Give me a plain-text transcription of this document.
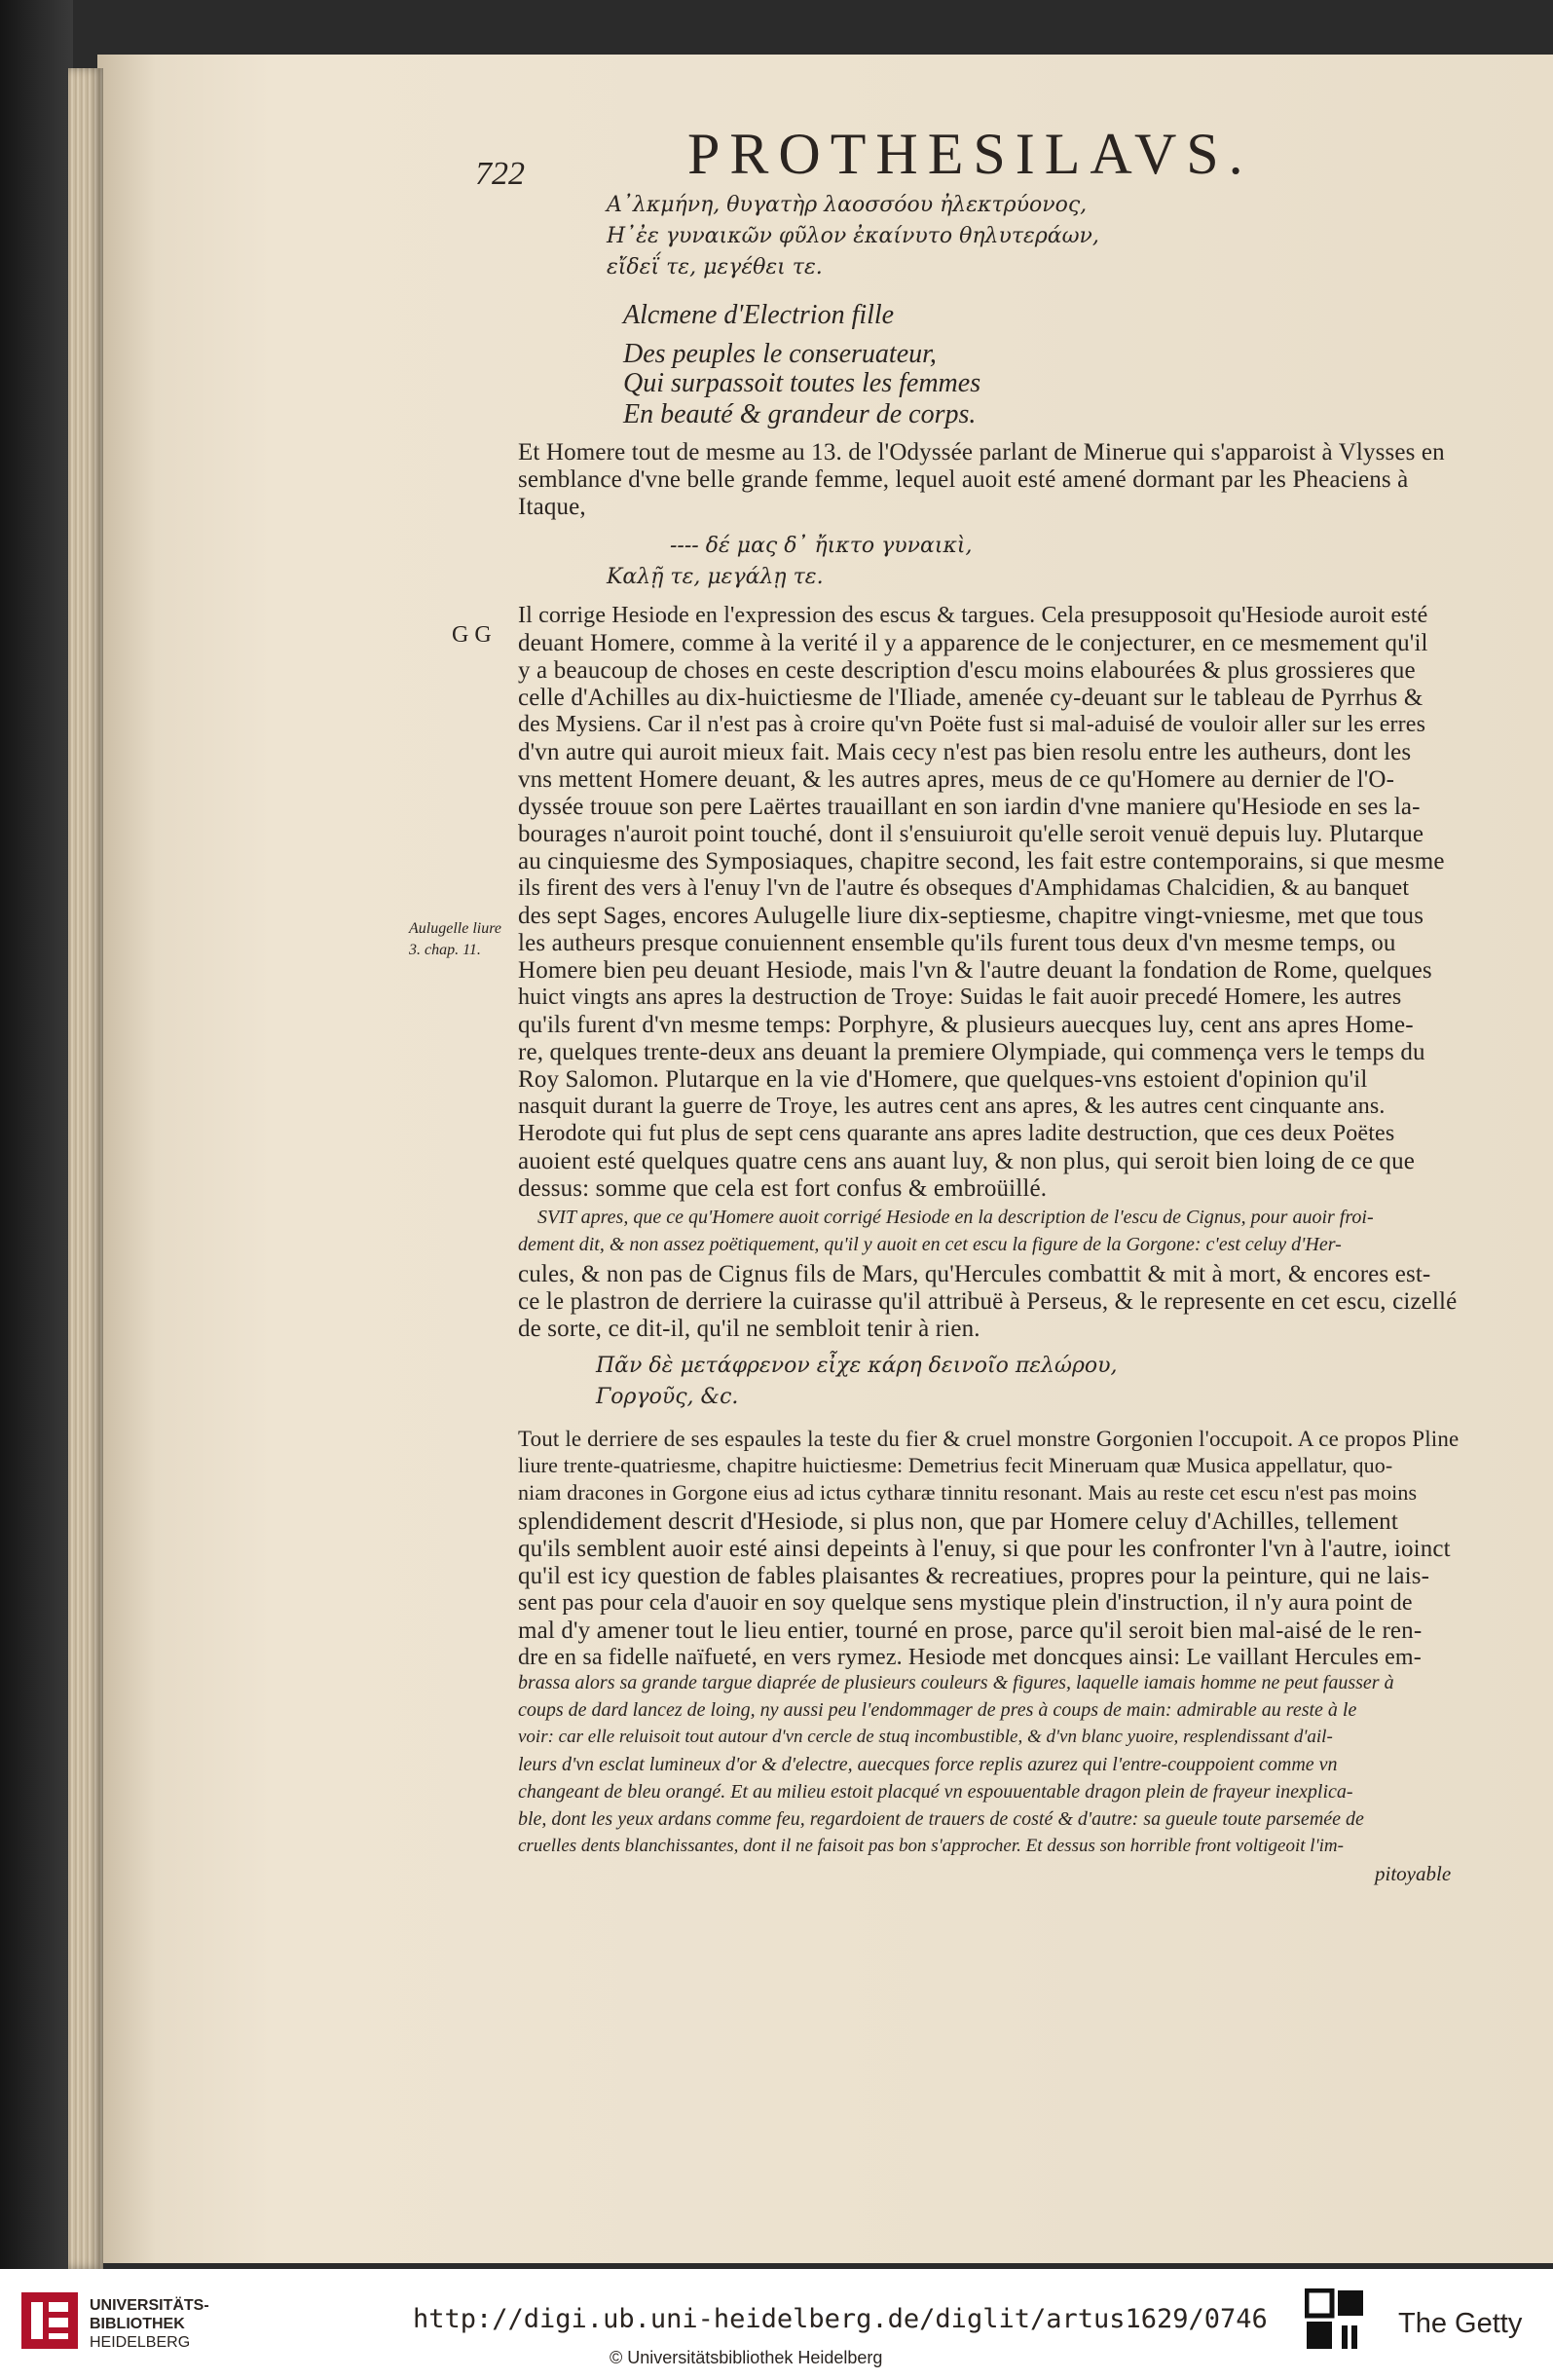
722	PROTHESILAVS.
Α᾿λκμήνη, θυγατὴρ λαοσσόου ἠλεκτρύονος,
Η᾿ἐε γυναικῶν φῦλον ἐκαίνυτο θηλυτεράων,
εἴδεΐ τε, μεγέθει τε.
Alcmene d'Electrion fille
Des peuples le conseruateur,
Qui surpassoit toutes les femmes
En beauté & grandeur de corps.
Et Homere tout de mesme au 13. de l'Odyssée parlant de Minerue qui s'apparoist à Vlysses en
semblance d'vne belle grande femme, lequel auoit esté amené dormant par les Pheaciens à
Itaque,
---- δέ μας δ᾿ ἤικτο γυναικὶ,
Καλῇ τε, μεγάλῃ τε.
G G
Aulugelle liure
3. chap. 11.
Il corrige Hesiode en l'expression des escus & targues. Cela presupposoit qu'Hesiode auroit esté
deuant Homere, comme à la verité il y a apparence de le conjecturer, en ce mesmement qu'il
y a beaucoup de choses en ceste description d'escu moins elabourées & plus grossieres que
celle d'Achilles au dix-huictiesme de l'Iliade, amenée cy-deuant sur le tableau de Pyrrhus &
des Mysiens. Car il n'est pas à croire qu'vn Poëte fust si mal-aduisé de vouloir aller sur les erres
d'vn autre qui auroit mieux fait. Mais cecy n'est pas bien resolu entre les autheurs, dont les
vns mettent Homere deuant, & les autres apres, meus de ce qu'Homere au dernier de l'O-
dyssée trouue son pere Laërtes trauaillant en son iardin d'vne maniere qu'Hesiode en ses la-
bourages n'auroit point touché, dont il s'ensuiuroit qu'elle seroit venuë depuis luy. Plutarque
au cinquiesme des Symposiaques, chapitre second, les fait estre contemporains, si que mesme
ils firent des vers à l'enuy l'vn de l'autre és obseques d'Amphidamas Chalcidien, & au banquet
des sept Sages, encores Aulugelle liure dix-septiesme, chapitre vingt-vniesme, met que tous
les autheurs presque conuiennent ensemble qu'ils furent tous deux d'vn mesme temps, ou
Homere bien peu deuant Hesiode, mais l'vn & l'autre deuant la fondation de Rome, quelques
huict vingts ans apres la destruction de Troye: Suidas le fait auoir precedé Homere, les autres
qu'ils furent d'vn mesme temps: Porphyre, & plusieurs auecques luy, cent ans apres Home-
re, quelques trente-deux ans deuant la premiere Olympiade, qui commença vers le temps du
Roy Salomon. Plutarque en la vie d'Homere, que quelques-vns estoient d'opinion qu'il
nasquit durant la guerre de Troye, les autres cent ans apres, & les autres cent cinquante ans.
Herodote qui fut plus de sept cens quarante ans apres ladite destruction, que ces deux Poëtes
auoient esté quelques quatre cens ans auant luy, & non plus, qui seroit bien loing de ce que
dessus: somme que cela est fort confus & embroüillé.
SVIT apres, que ce qu'Homere auoit corrigé Hesiode en la description de l'escu de Cignus, pour auoir froi-
dement dit, & non assez poëtiquement, qu'il y auoit en cet escu la figure de la Gorgone: c'est celuy d'Her-
cules, & non pas de Cignus fils de Mars, qu'Hercules combattit & mit à mort, & encores est-
ce le plastron de derriere la cuirasse qu'il attribuë à Perseus, & le represente en cet escu, cizellé
de sorte, ce dit-il, qu'il ne sembloit tenir à rien.
Πᾶν δὲ μετάφρενον εἶχε κάρη δεινοῖο πελώρου,
Γοργοῦς, &c.
Tout le derriere de ses espaules la teste du fier & cruel monstre Gorgonien l'occupoit. A ce propos Pline
liure trente-quatriesme, chapitre huictiesme: Demetrius fecit Mineruam quæ Musica appellatur, quo-
niam dracones in Gorgone eius ad ictus cytharæ tinnitu resonant. Mais au reste cet escu n'est pas moins
splendidement descrit d'Hesiode, si plus non, que par Homere celuy d'Achilles, tellement
qu'ils semblent auoir esté ainsi depeints à l'enuy, si que pour les confronter l'vn à l'autre, ioinct
qu'il est icy question de fables plaisantes & recreatiues, propres pour la peinture, qui ne lais-
sent pas pour cela d'auoir en soy quelque sens mystique plein d'instruction, il n'y aura point de
mal d'y amener tout le lieu entier, tourné en prose, parce qu'il seroit bien mal-aisé de le ren-
dre en sa fidelle naïfueté, en vers rymez. Hesiode met doncques ainsi: Le vaillant Hercules em-
brassa alors sa grande targue diaprée de plusieurs couleurs & figures, laquelle iamais homme ne peut fausser à
coups de dard lancez de loing, ny aussi peu l'endommager de pres à coups de main: admirable au reste à le
voir: car elle reluisoit tout autour d'vn cercle de stuq incombustible, & d'vn blanc yuoire, resplendissant d'ail-
leurs d'vn esclat lumineux d'or & d'electre, auecques force replis azurez qui l'entre-couppoient comme vn
changeant de bleu orangé. Et au milieu estoit placqué vn espouuentable dragon plein de frayeur inexplica-
ble, dont les yeux ardans comme feu, regardoient de trauers de costé & d'autre: sa gueule toute parsemée de
cruelles dents blanchissantes, dont il ne faisoit pas bon s'approcher. Et dessus son horrible front voltigeoit l'im-
pitoyable
UNIVERSITÄTS-
BIBLIOTHEK
HEIDELBERG
http://digi.ub.uni-heidelberg.de/diglit/artus1629/0746
© Universitätsbibliothek Heidelberg
The Getty
